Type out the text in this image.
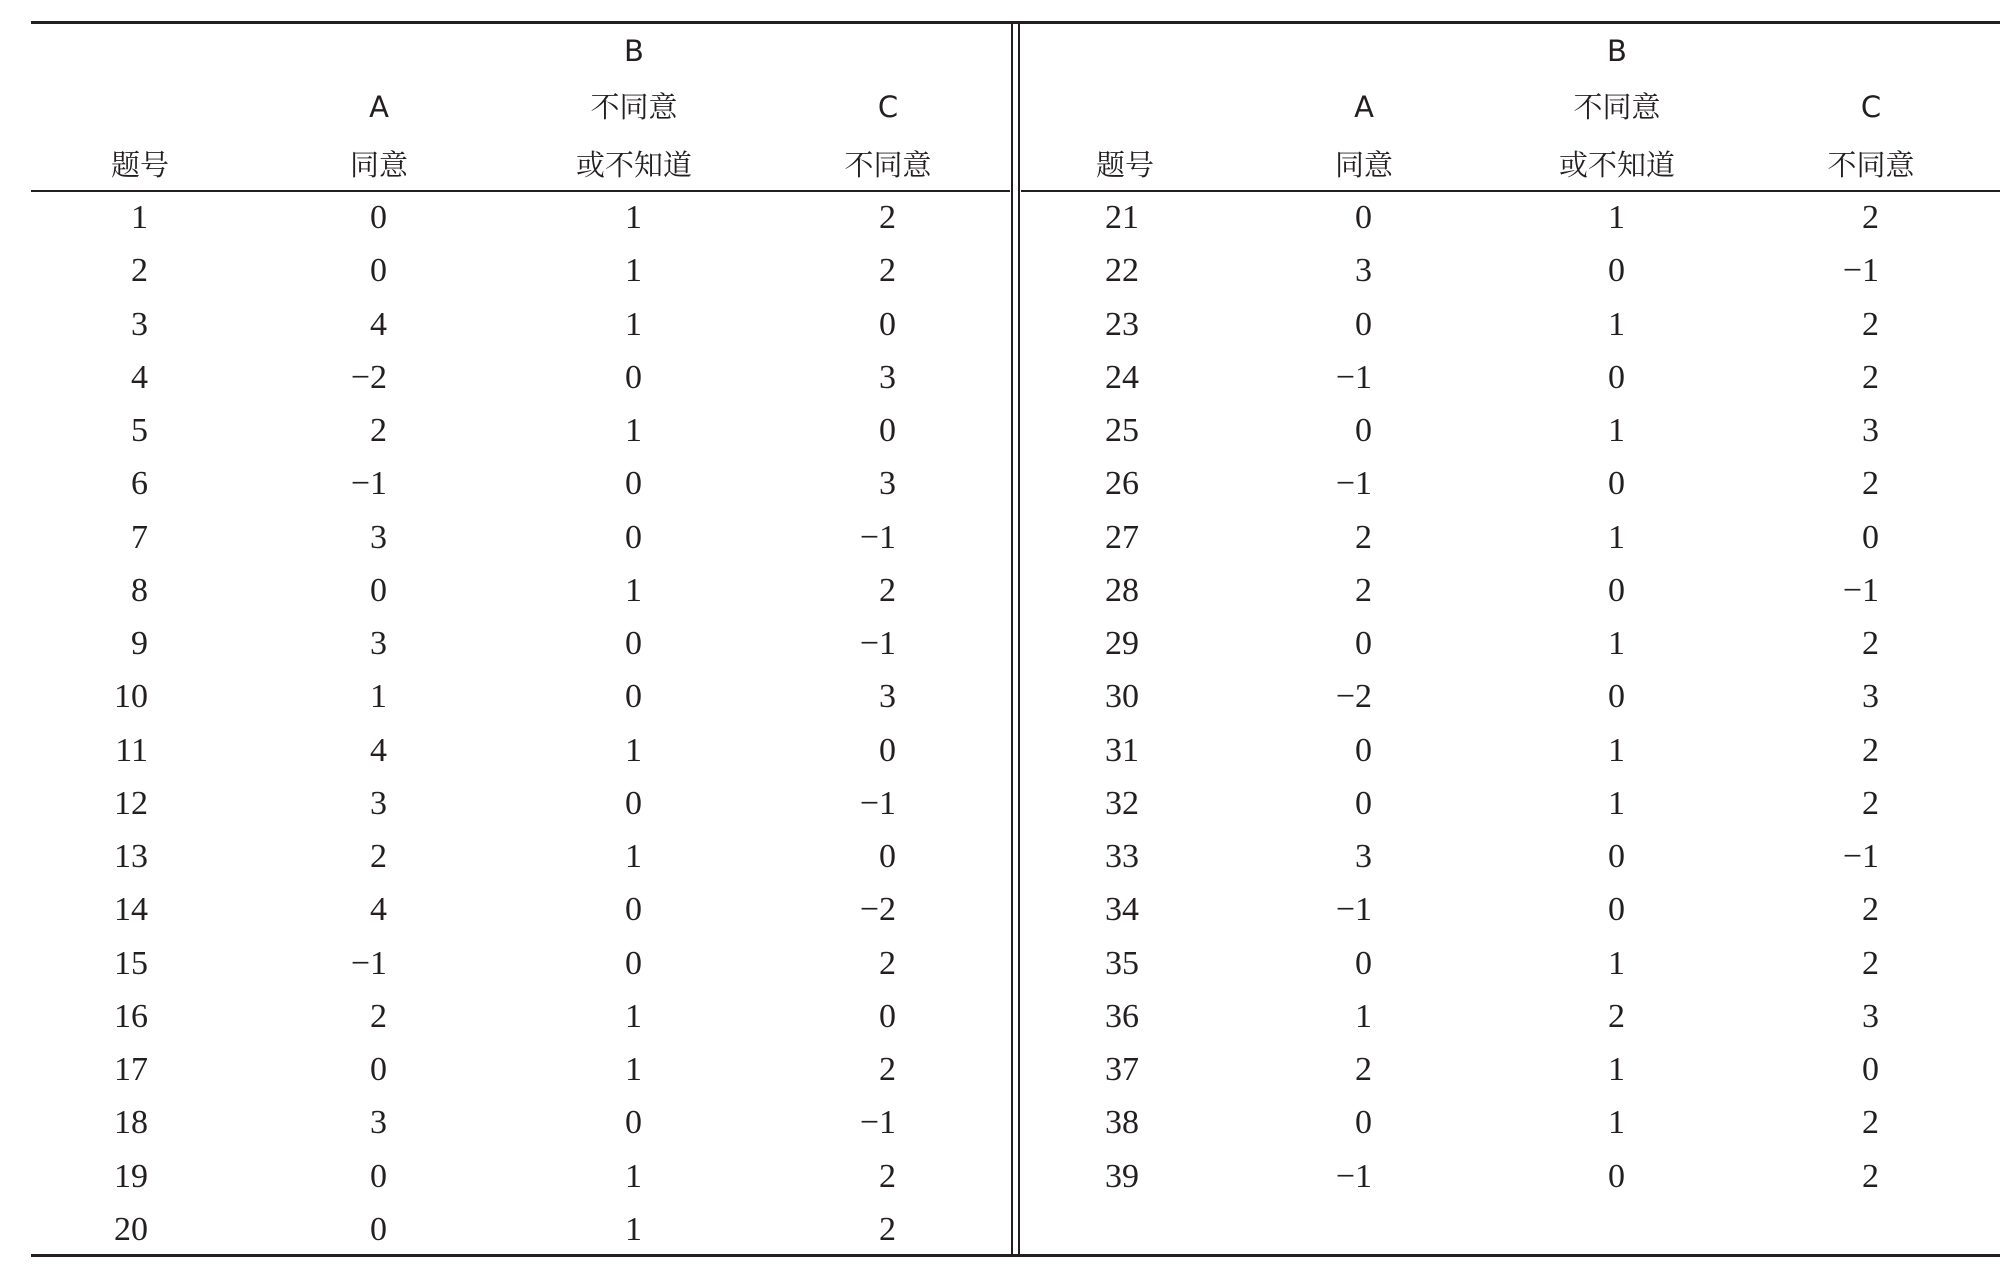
B
A	不同意	C
题号	同意	或不知道	不同意
1	0	1	2
2	0	1	2
3	4	1	0
4	−2	0	3
5	2	1	0
6	−1	0	3
7	3	0	−1
8	0	1	2
9	3	0	−1
10	1	0	3
11	4	1	0
12	3	0	−1
13	2	1	0
14	4	0	−2
15	−1	0	2
16	2	1	0
17	0	1	2
18	3	0	−1
19	0	1	2
20	0	1	2
B
A	不同意	C
题号	同意	或不知道	不同意
21	0	1	2
22	3	0	−1
23	0	1	2
24	−1	0	2
25	0	1	3
26	−1	0	2
27	2	1	0
28	2	0	−1
29	0	1	2
30	−2	0	3
31	0	1	2
32	0	1	2
33	3	0	−1
34	−1	0	2
35	0	1	2
36	1	2	3
37	2	1	0
38	0	1	2
39	−1	0	2
